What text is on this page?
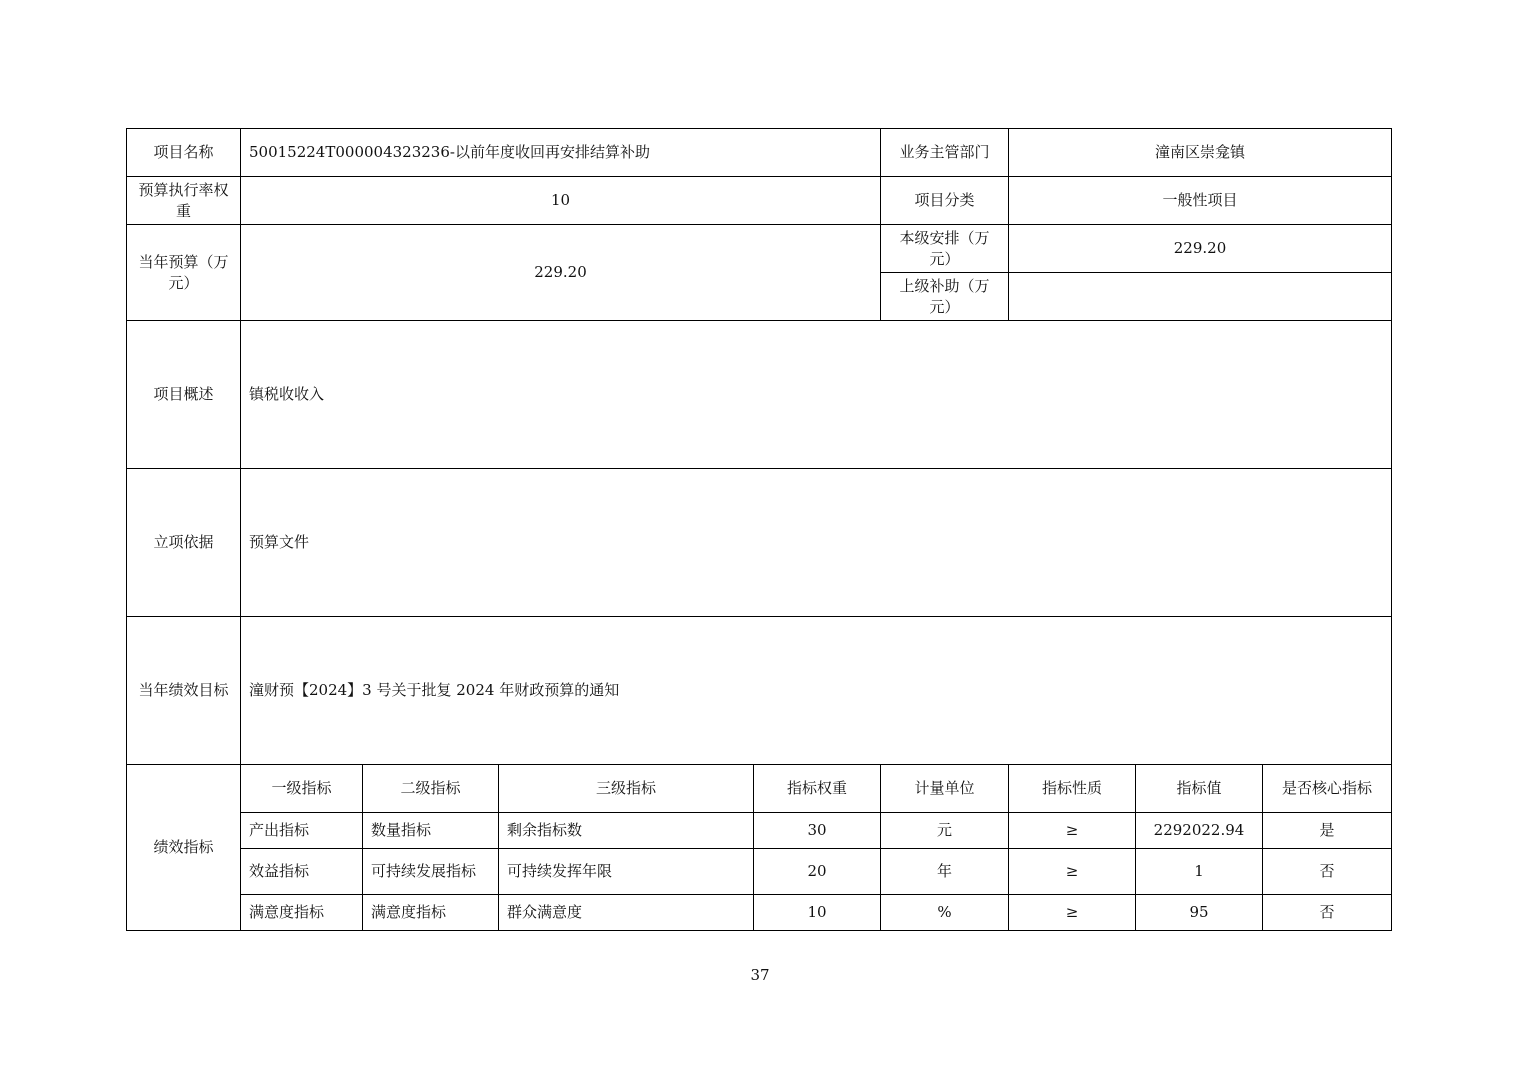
项目名称	50015224T000004323236-以前年度收回再安排结算补助				业务主管部门	潼南区崇龛镇		
预算执行率权重	10				项目分类	一般性项目		
当年预算（万元）	229.20				本级安排（万元）	229.20		
					上级补助（万元）			
项目概述	镇税收收入							
立项依据	预算文件							
当年绩效目标	潼财预【2024】3 号关于批复 2024 年财政预算的通知							
绩效指标	一级指标	二级指标	三级指标	指标权重	计量单位	指标性质	指标值	是否核心指标
	产出指标	数量指标	剩余指标数	30	元	≥	2292022.94	是
	效益指标	可持续发展指标	可持续发挥年限	20	年	≥	1	否
	满意度指标	满意度指标	群众满意度	10	%	≥	95	否
37
